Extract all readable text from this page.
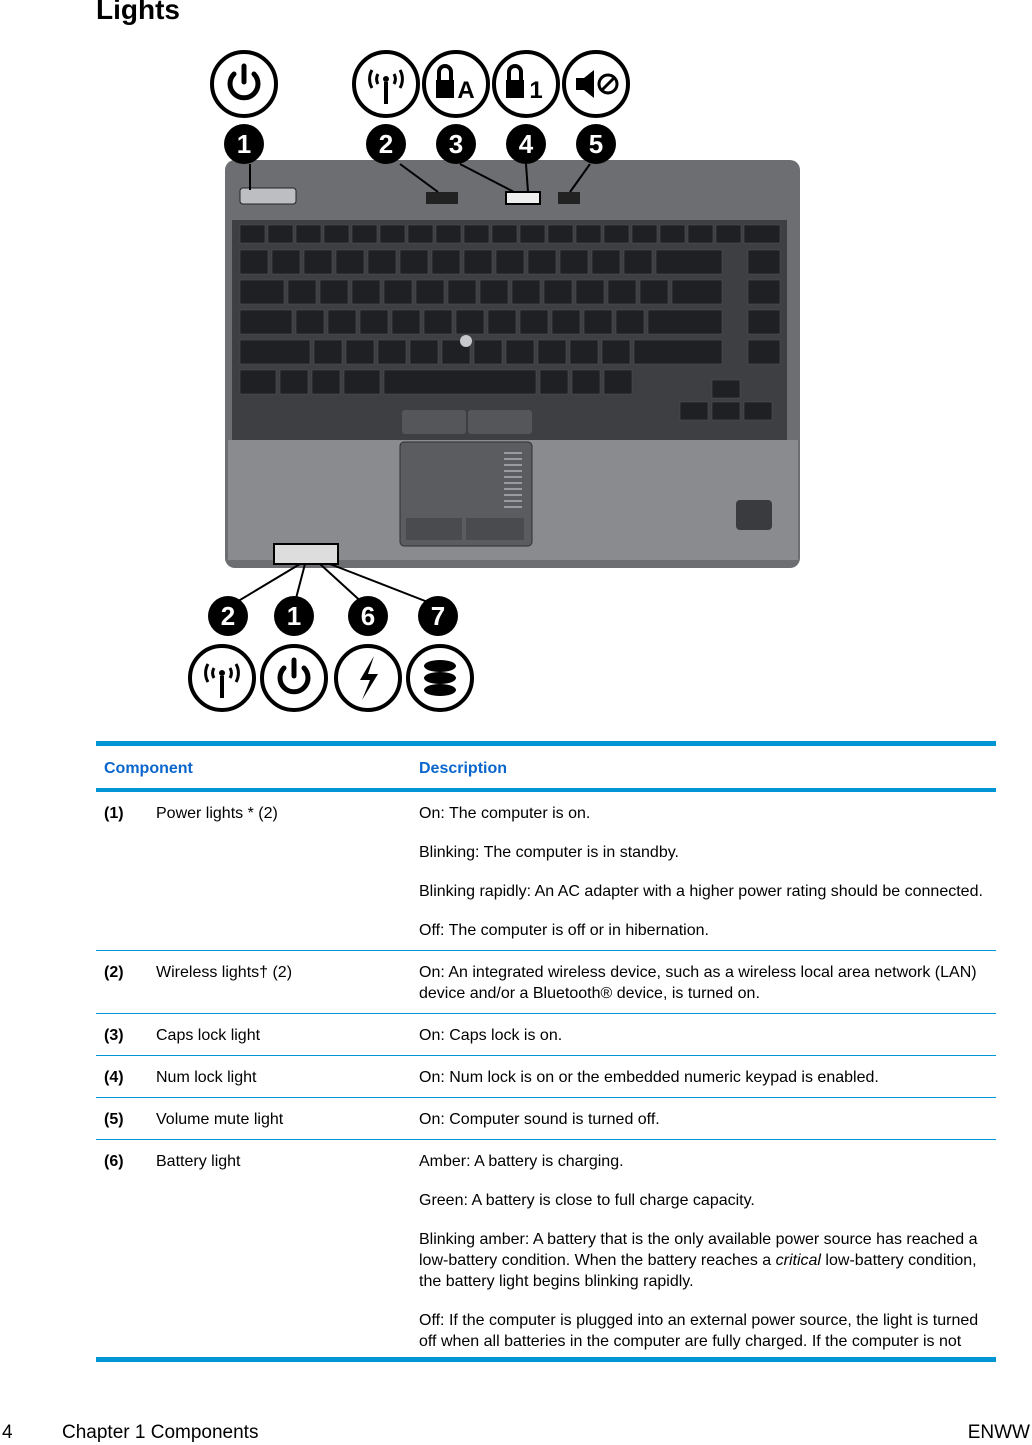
Lights
1	2 3 4 5
2 1 6 7
A 1
Component	Description
(1) Power lights * (2)	On: The computer is on.

Blinking: The computer is in standby.

Blinking rapidly: An AC adapter with a higher power rating should be connected.

Off: The computer is off or in hibernation.

(2) Wireless lights† (2)	On: An integrated wireless device, such as a wireless local area network (LAN) device and/or a Bluetooth® device, is turned on.

(3) Caps lock light	On: Caps lock is on.

(4) Num lock light	On: Num lock is on or the embedded numeric keypad is enabled.

(5) Volume mute light	On: Computer sound is turned off.

(6) Battery light	Amber: A battery is charging.

Green: A battery is close to full charge capacity.

Blinking amber: A battery that is the only available power source has reached a low-battery condition. When the battery reaches a critical low-battery condition, the battery light begins blinking rapidly.

Off: If the computer is plugged into an external power source, the light is turned off when all batteries in the computer are fully charged. If the computer is not

4	Chapter 1 Components	ENWW
